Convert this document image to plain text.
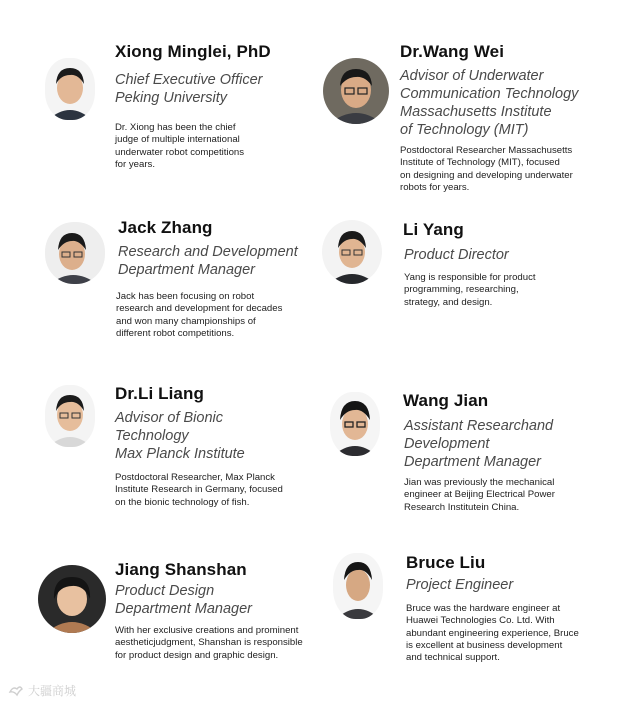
Xiong Minglei, PhD
Chief Executive Officer
Peking University
Dr. Xiong has been the chief
judge of multiple international
underwater robot competitions
for years.
Dr.Wang Wei
Advisor of Underwater
Communication Technology
Massachusetts Institute
of Technology (MIT)
Postdoctoral Researcher Massachusetts
Institute of Technology (MIT), focused
on designing and developing underwater
robots for years.
Jack Zhang
Research and Development
Department Manager
Jack has been focusing on robot
research and development for decades
and won many championships of
different robot competitions.
Li Yang
Product Director
Yang is responsible for product
programming, researching,
strategy, and design.
Dr.Li Liang
Advisor of Bionic
Technology
Max Planck Institute
Postdoctoral Researcher, Max Planck
Institute Research in Germany, focused
on the bionic technology of fish.
Wang Jian
Assistant Researchand
Development
Department Manager
Jian was previously the mechanical
engineer at Beijing Electrical Power
Research Institutein China.
Jiang Shanshan
Product Design
Department Manager
With her exclusive creations and prominent
aestheticjudgment, Shanshan is responsible
for product design and graphic design.
Bruce Liu
Project Engineer
Bruce was the hardware engineer at
Huawei Technologies Co. Ltd. With
abundant engineering experience, Bruce
is excellent at business development
and technical support.
大疆商城
